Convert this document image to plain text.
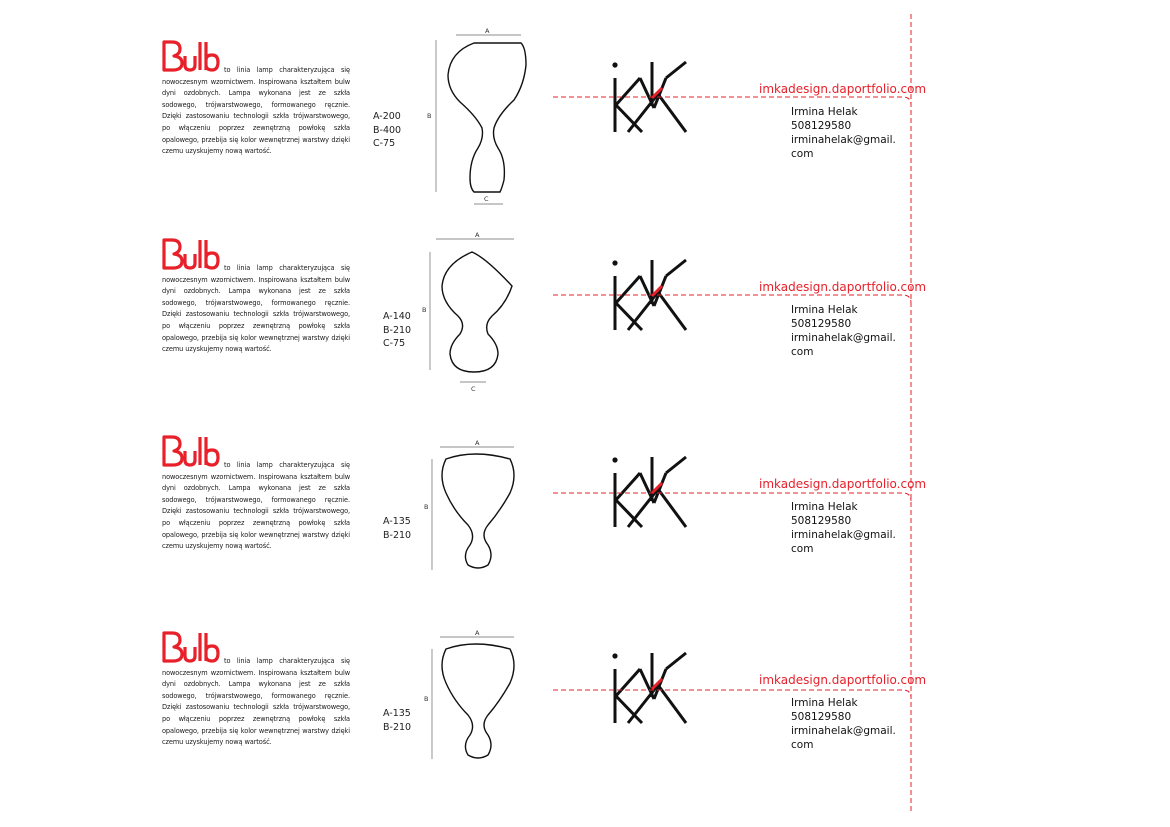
to linia lamp charakteryzująca się nowoczesnym wzornictwem. Inspirowana kształtem bulw dyni ozdobnych. Lampa wykonana jest ze szkła sodowego, trójwarstwowego, formowanego ręcznie. Dzięki zastosowaniu technologii szkła trójwarstwowego, po włączeniu poprzez zewnętrzną powłokę szkła opalowego, przebija się kolor wewnętrznej warstwy dzięki czemu uzyskujemy nową wartość.
A-200
B-400
C-75
A
B
C
imkadesign.daportfolio.com
Irmina Helak
508129580
irminahelak@gmail.
com
to linia lamp charakteryzująca się nowoczesnym wzornictwem. Inspirowana kształtem bulw dyni ozdobnych. Lampa wykonana jest ze szkła sodowego, trójwarstwowego, formowanego ręcznie. Dzięki zastosowaniu technologii szkła trójwarstwowego, po włączeniu poprzez zewnętrzną powłokę szkła opalowego, przebija się kolor wewnętrznej warstwy dzięki czemu uzyskujemy nową wartość.
A-140
B-210
C-75
A
B
C
imkadesign.daportfolio.com
Irmina Helak
508129580
irminahelak@gmail.
com
to linia lamp charakteryzująca się nowoczesnym wzornictwem. Inspirowana kształtem bulw dyni ozdobnych. Lampa wykonana jest ze szkła sodowego, trójwarstwowego, formowanego ręcznie. Dzięki zastosowaniu technologii szkła trójwarstwowego, po włączeniu poprzez zewnętrzną powłokę szkła opalowego, przebija się kolor wewnętrznej warstwy dzięki czemu uzyskujemy nową wartość.
A-135
B-210
A
B
imkadesign.daportfolio.com
Irmina Helak
508129580
irminahelak@gmail.
com
to linia lamp charakteryzująca się nowoczesnym wzornictwem. Inspirowana kształtem bulw dyni ozdobnych. Lampa wykonana jest ze szkła sodowego, trójwarstwowego, formowanego ręcznie. Dzięki zastosowaniu technologii szkła trójwarstwowego, po włączeniu poprzez zewnętrzną powłokę szkła opalowego, przebija się kolor wewnętrznej warstwy dzięki czemu uzyskujemy nową wartość.
A-135
B-210
A
B
imkadesign.daportfolio.com
Irmina Helak
508129580
irminahelak@gmail.
com
